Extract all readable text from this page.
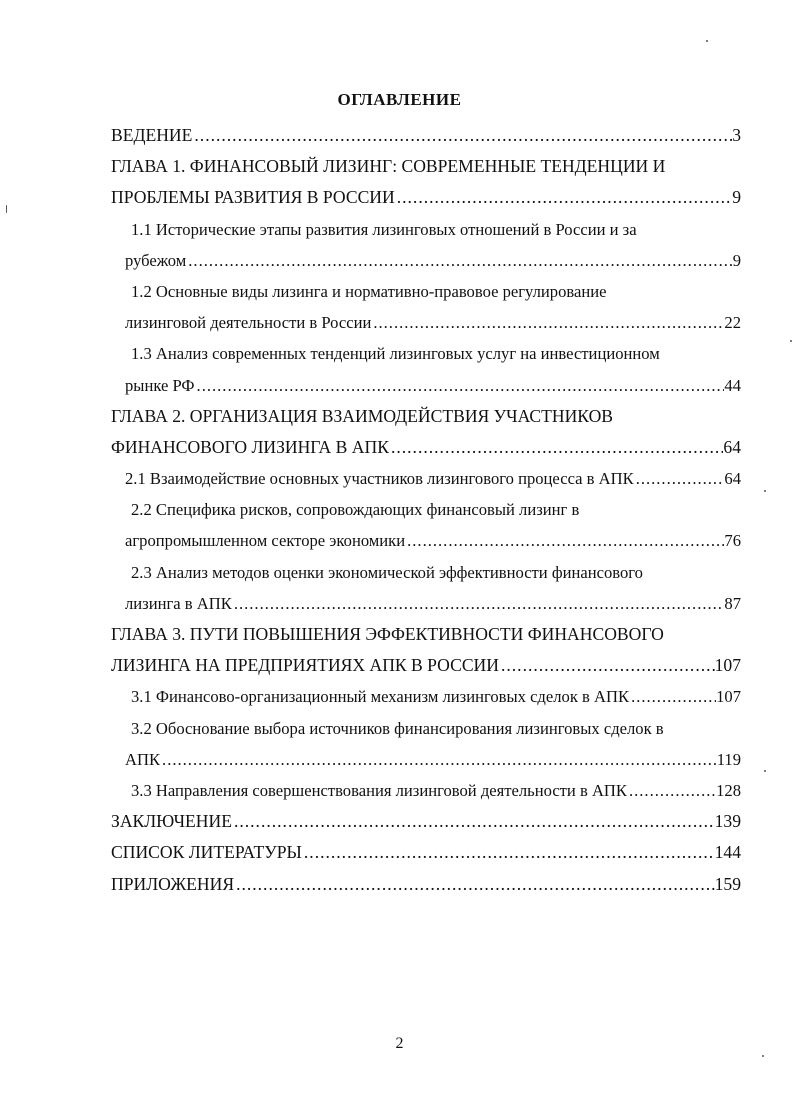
ОГЛАВЛЕНИЕ
ВЕДЕНИЕ .....	3
ГЛАВА 1. ФИНАНСОВЫЙ ЛИЗИНГ: СОВРЕМЕННЫЕ ТЕНДЕНЦИИ И
ПРОБЛЕМЫ РАЗВИТИЯ В РОССИИ .....	9
1.1 Исторические этапы развития лизинговых отношений в России и за
рубежом .....	9
1.2 Основные виды лизинга и нормативно-правовое регулирование
лизинговой деятельности в России .....	22
1.3 Анализ современных тенденций лизинговых услуг на инвестиционном
рынке РФ .....	44
ГЛАВА 2. ОРГАНИЗАЦИЯ ВЗАИМОДЕЙСТВИЯ УЧАСТНИКОВ
ФИНАНСОВОГО ЛИЗИНГА В АПК .....	64
2.1 Взаимодействие основных участников лизингового процесса в АПК .....	64
2.2 Специфика рисков, сопровождающих финансовый лизинг в
агропромышленном секторе экономики .....	76
2.3 Анализ методов оценки экономической эффективности финансового
лизинга в АПК .....	87
ГЛАВА 3. ПУТИ ПОВЫШЕНИЯ ЭФФЕКТИВНОСТИ ФИНАНСОВОГО
ЛИЗИНГА НА ПРЕДПРИЯТИЯХ АПК В РОССИИ .....	107
3.1 Финансово-организационный механизм лизинговых сделок в АПК .....	107
3.2 Обоснование выбора источников финансирования лизинговых сделок в
АПК .....	119
3.3 Направления совершенствования лизинговой деятельности в АПК .....	128
ЗАКЛЮЧЕНИЕ .....	139
СПИСОК ЛИТЕРАТУРЫ .....	144
ПРИЛОЖЕНИЯ .....	159
2
